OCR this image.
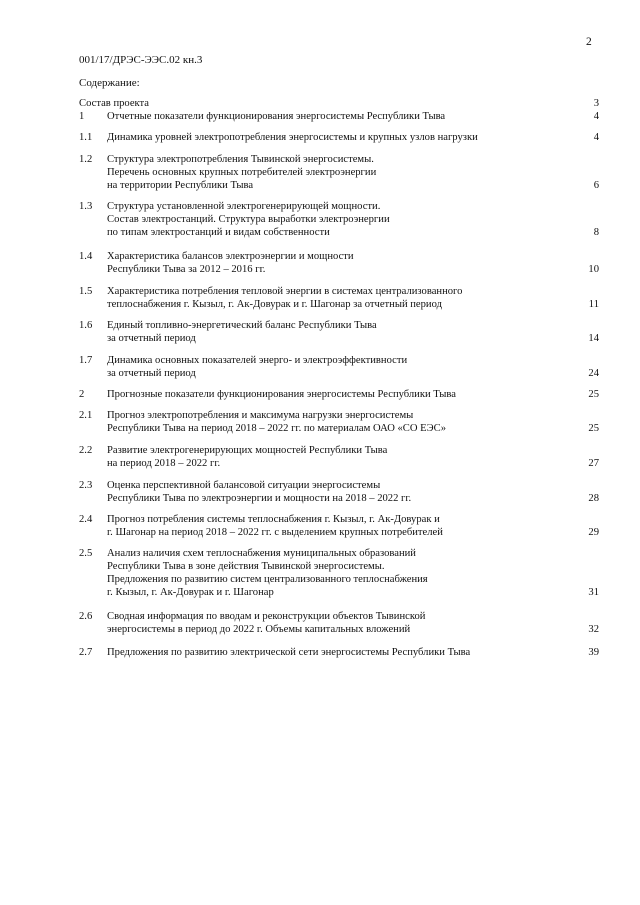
2
001/17/ДРЭС-ЭЭС.02 кн.3
Содержание:
Состав проекта	3
1 Отчетные показатели функционирования энергосистемы Республики Тыва	4
1.1 Динамика уровней электропотребления энергосистемы и крупных узлов нагрузки	4
1.2 Структура электропотребления Тывинской энергосистемы.
Перечень основных крупных потребителей электроэнергии
на территории Республики Тыва	6
1.3 Структура установленной электрогенерирующей мощности.
Состав электростанций. Структура выработки электроэнергии
по типам электростанций и видам собственности	8
1.4 Характеристика балансов электроэнергии и мощности
Республики Тыва за 2012 – 2016 гг.	10
1.5 Характеристика потребления тепловой энергии в системах централизованного
теплоснабжения г. Кызыл, г. Ак-Довурак и г. Шагонар за отчетный период	11
1.6 Единый топливно-энергетический баланс Республики Тыва
за отчетный период	14
1.7 Динамика основных показателей энерго- и электроэффективности
за отчетный период	24
2 Прогнозные показатели функционирования энергосистемы Республики Тыва	25
2.1 Прогноз электропотребления и максимума нагрузки энергосистемы
Республики Тыва на период 2018 – 2022 гг. по материалам ОАО «СО ЕЭС»	25
2.2 Развитие электрогенерирующих мощностей Республики Тыва
на период 2018 – 2022 гг.	27
2.3 Оценка перспективной балансовой ситуации энергосистемы
Республики Тыва по электроэнергии и мощности на 2018 – 2022 гг.	28
2.4 Прогноз потребления системы теплоснабжения г. Кызыл, г. Ак-Довурак и
г. Шагонар на период 2018 – 2022 гг. с выделением крупных потребителей	29
2.5 Анализ наличия схем теплоснабжения муниципальных образований
Республики Тыва в зоне действия Тывинской энергосистемы.
Предложения по развитию систем централизованного теплоснабжения
г. Кызыл, г. Ак-Довурак и г. Шагонар	31
2.6 Сводная информация по вводам и реконструкции объектов Тывинской
энергосистемы в период до 2022 г. Объемы капитальных вложений	32
2.7 Предложения по развитию электрической сети энергосистемы Республики Тыва	39
